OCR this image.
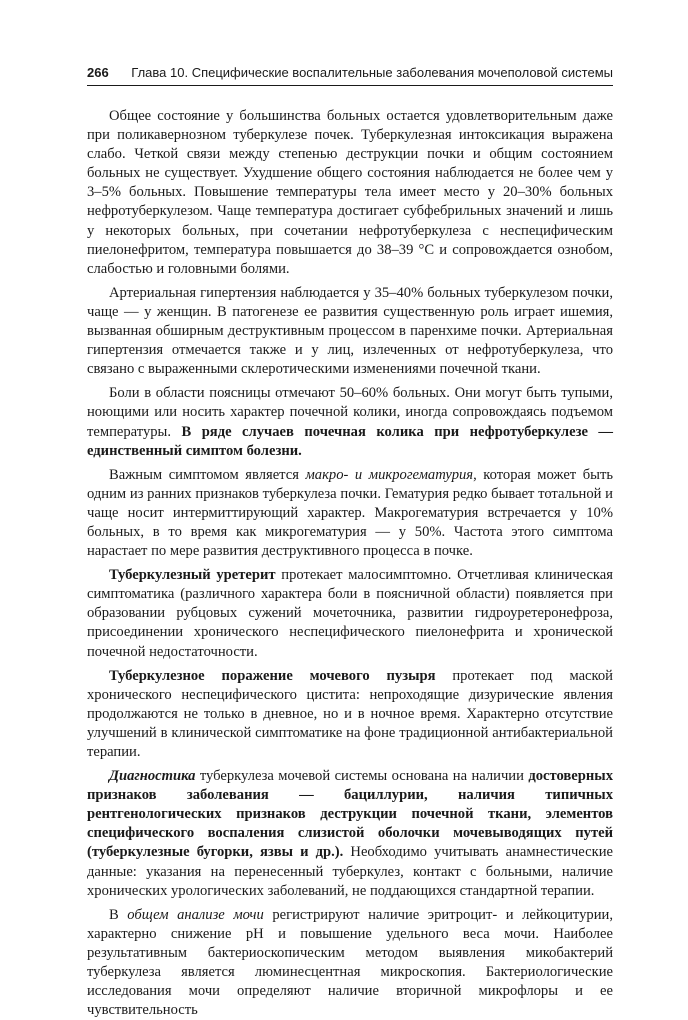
266 Глава 10. Специфические воспалительные заболевания мочеполовой системы

Общее состояние у большинства больных остается удовлетворительным даже при поликавернозном туберкулезе почек. Туберкулезная интоксикация выражена слабо. Четкой связи между степенью деструкции почки и общим состоянием больных не существует. Ухудшение общего состояния наблюдается не более чем у 3–5% больных. Повышение температуры тела имеет место у 20–30% больных нефротуберкулезом. Чаще температура достигает субфебрильных значений и лишь у некоторых больных, при сочетании нефротуберкулеза с неспецифическим пиелонефритом, температура повышается до 38–39 °С и сопровождается ознобом, слабостью и головными болями.

Артериальная гипертензия наблюдается у 35–40% больных туберкулезом почки, чаще — у женщин. В патогенезе ее развития существенную роль играет ишемия, вызванная обширным деструктивным процессом в паренхиме почки. Артериальная гипертензия отмечается также и у лиц, излеченных от нефротуберкулеза, что связано с выраженными склеротическими изменениями почечной ткани.

Боли в области поясницы отмечают 50–60% больных. Они могут быть тупыми, ноющими или носить характер почечной колики, иногда сопровождаясь подъемом температуры. В ряде случаев почечная колика при нефротуберкулезе — единственный симптом болезни.

Важным симптомом является макро- и микрогематурия, которая может быть одним из ранних признаков туберкулеза почки. Гематурия редко бывает тотальной и чаще носит интермиттирующий характер. Макрогематурия встречается у 10% больных, в то время как микрогематурия — у 50%. Частота этого симптома нарастает по мере развития деструктивного процесса в почке.

Туберкулезный уретерит протекает малосимптомно. Отчетливая клиническая симптоматика (различного характера боли в поясничной области) появляется при образовании рубцовых сужений мочеточника, развитии гидроуретеронефроза, присоединении хронического неспецифического пиелонефрита и хронической почечной недостаточности.

Туберкулезное поражение мочевого пузыря протекает под маской хронического неспецифического цистита: непроходящие дизурические явления продолжаются не только в дневное, но и в ночное время. Характерно отсутствие улучшений в клинической симптоматике на фоне традиционной антибактериальной терапии.

Диагностика туберкулеза мочевой системы основана на наличии достоверных признаков заболевания — бациллурии, наличия типичных рентгенологических признаков деструкции почечной ткани, элементов специфического воспаления слизистой оболочки мочевыводящих путей (туберкулезные бугорки, язвы и др.). Необходимо учитывать анамнестические данные: указания на перенесенный туберкулез, контакт с больными, наличие хронических урологических заболеваний, не поддающихся стандартной терапии.

В общем анализе мочи регистрируют наличие эритроцит- и лейкоцитурии, характерно снижение рН и повышение удельного веса мочи. Наиболее результативным бактериоскопическим методом выявления микобактерий туберкулеза является люминесцентная микроскопия. Бактериологические исследования мочи определяют наличие вторичной микрофлоры и ее чувствительность
